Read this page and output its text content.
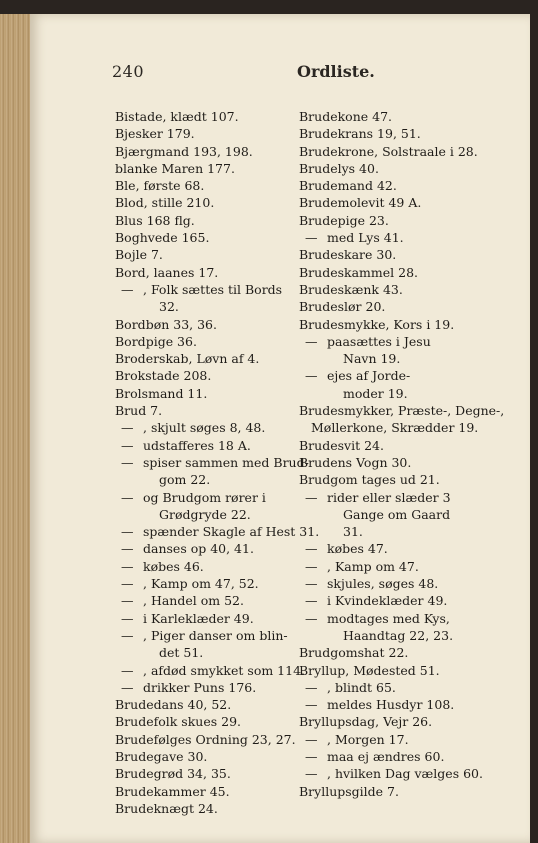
240	Ordliste.
Bistade, klædt 107.
Bjesker 179.
Bjærgmand 193, 198.
blanke Maren 177.
Ble, første 68.
Blod, stille 210.
Blus 168 flg.
Boghvede 165.
Bojle 7.
Bord, laanes 17.
— , Folk sættes til Bords
32.
Bordbøn 33, 36.
Bordpige 36.
Broderskab, Løvn af 4.
Brokstade 208.
Brolsmand 11.
Brud 7.
— , skjult søges 8, 48.
— udstafferes 18 A.
— spiser sammen med Brud-
gom 22.
— og Brudgom rører i
Grødgryde 22.
— spænder Skagle af Hest 31.
— danses op 40, 41.
— købes 46.
— , Kamp om 47, 52.
— , Handel om 52.
— i Karleklæder 49.
— , Piger danser om blin-
det 51.
— , afdød smykket som 114.
— drikker Puns 176.
Brudedans 40, 52.
Brudefolk skues 29.
Brudefølges Ordning 23, 27.
Brudegave 30.
Brudegrød 34, 35.
Brudekammer 45.
Brudeknægt 24.
Brudekone 47.
Brudekrans 19, 51.
Brudekrone, Solstraale i 28.
Brudelys 40.
Brudemand 42.
Brudemolevit 49 A.
Brudepige 23.
— med Lys 41.
Brudeskare 30.
Brudeskammel 28.
Brudeskænk 43.
Brudeslør 20.
Brudesmykke, Kors i 19.
— paasættes i Jesu
Navn 19.
— ejes af Jorde-
moder 19.
Brudesmykker, Præste-, Degne-,
Møllerkone, Skrædder 19.
Brudesvit 24.
Brudens Vogn 30.
Brudgom tages ud 21.
— rider eller slæder 3
Gange om Gaard
31.
— købes 47.
— , Kamp om 47.
— skjules, søges 48.
— i Kvindeklæder 49.
— modtages med Kys,
Haandtag 22, 23.
Brudgomshat 22.
Bryllup, Mødested 51.
— , blindt 65.
— meldes Husdyr 108.
Bryllupsdag, Vejr 26.
— , Morgen 17.
— maa ej ændres 60.
— , hvilken Dag vælges 60.
Bryllupsgilde 7.
